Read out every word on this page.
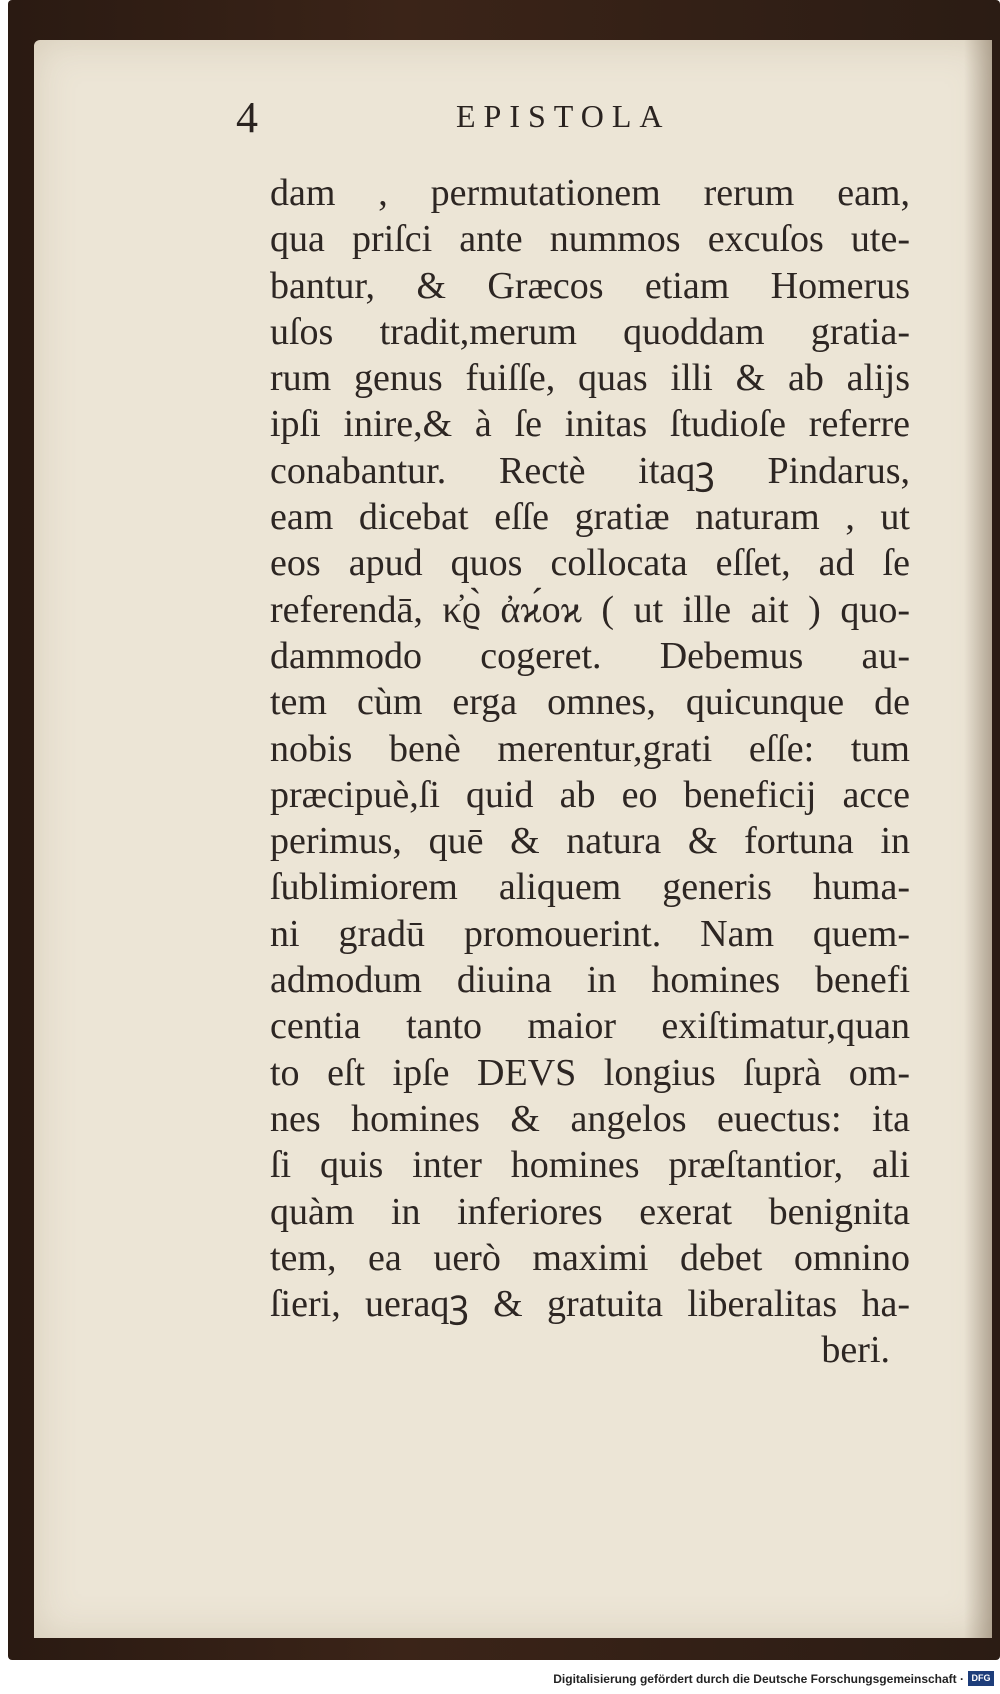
4	EPISTOLA
dam , permutationem rerum eam,
qua priſci ante nummos excuſos ute-
bantur, & Græcos etiam Homerus
uſos tradit,merum quoddam gratia-
rum genus fuiſſe, quas illi & ab alijs
ipſi inire,& à ſe initas ſtudioſe referre
conabantur. Rectè itaqꝫ Pindarus,
eam dicebat eſſe gratiæ naturam , ut
eos apud quos collocata eſſet, ad ſe
referendā, κ̓ϱ̀ ἀϰ́οϰ ( ut ille ait ) quo-
dammodo cogeret. Debemus au-
tem cùm erga omnes, quicunque de
nobis benè merentur,grati eſſe: tum
præcipuè,ſi quid ab eo beneficij acce
perimus, quē & natura & fortuna in
ſublimiorem aliquem generis huma-
ni gradū promouerint. Nam quem-
admodum diuina in homines benefi
centia tanto maior exiſtimatur,quan
to eſt ipſe DEVS longius ſuprà om-
nes homines & angelos euectus: ita
ſi quis inter homines præſtantior, ali
quàm in inferiores exerat benignita
tem, ea uerò maximi debet omnino
ſieri, ueraqꝫ & gratuita liberalitas ha-
beri.
Digitalisierung gefördert durch die Deutsche Forschungsgemeinschaft · DFG
